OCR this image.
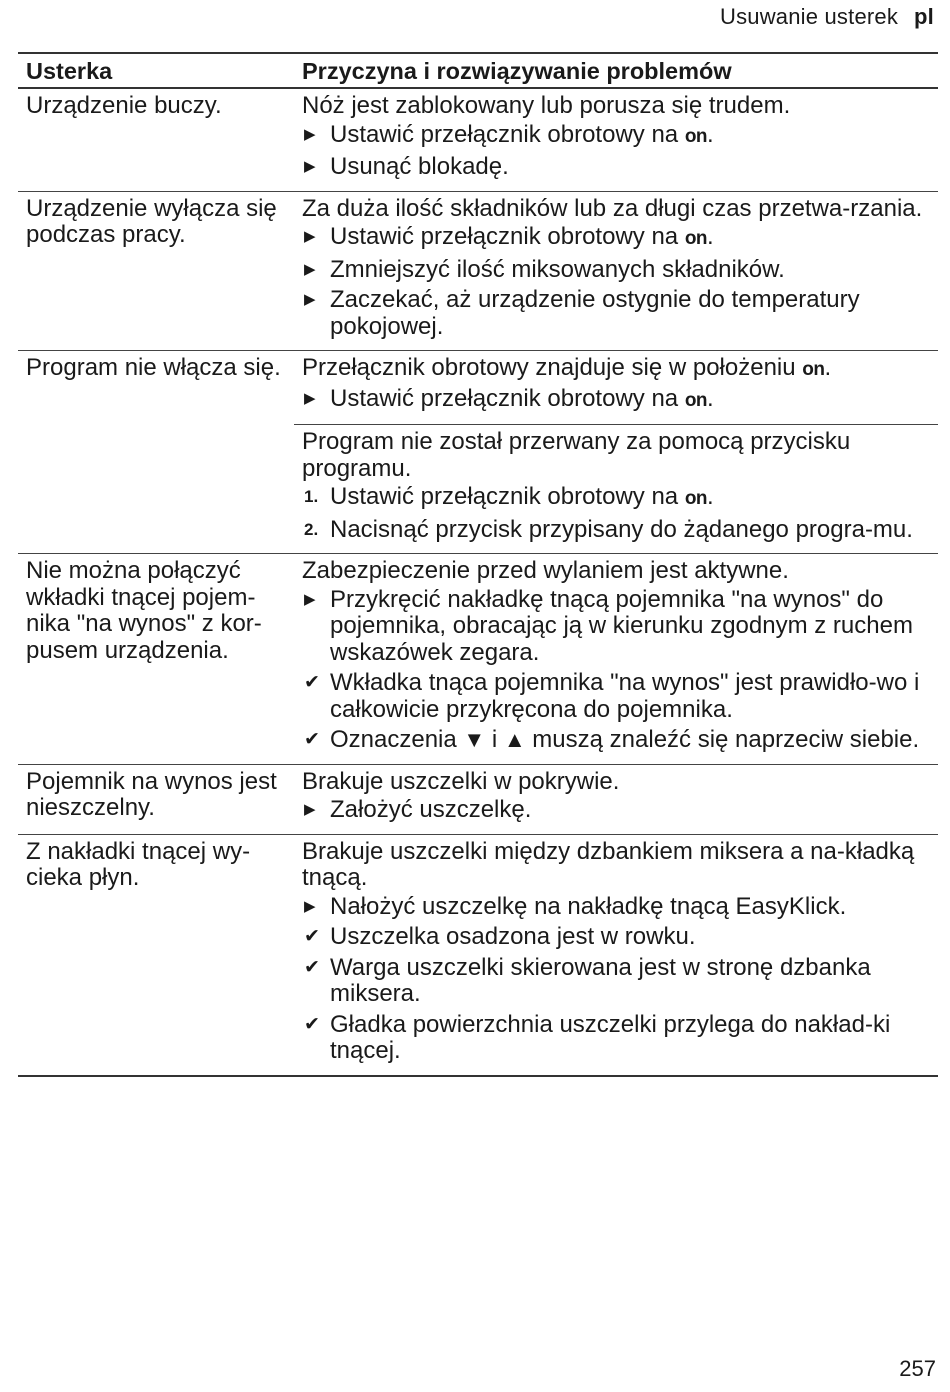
Usuwanie usterek pl
Usterka	Przyczyna i rozwiązywanie problemów
Urządzenie buczy.	Nóż jest zablokowany lub porusza się trudem.
▶ Ustawić przełącznik obrotowy na on.
▶ Usunąć blokadę.
Urządzenie wyłącza się podczas pracy.
Za duża ilość składników lub za długi czas przetwa-rzania.
▶ Ustawić przełącznik obrotowy na on.
▶ Zmniejszyć ilość miksowanych składników.
▶ Zaczekać, aż urządzenie ostygnie do temperatury pokojowej.
Program nie włącza się. Przełącznik obrotowy znajduje się w położeniu on.
▶ Ustawić przełącznik obrotowy na on.
Program nie został przerwany za pomocą przycisku programu.
1. Ustawić przełącznik obrotowy na on.
2. Nacisnąć przycisk przypisany do żądanego progra-mu.
Nie można połączyć wkładki tnącej pojem-nika "na wynos" z kor-pusem urządzenia.
Zabezpieczenie przed wylaniem jest aktywne.
▶ Przykręcić nakładkę tnącą pojemnika "na wynos" do pojemnika, obracając ją w kierunku zgodnym z ruchem wskazówek zegara.
✔ Wkładka tnąca pojemnika "na wynos" jest prawidło-wo i całkowicie przykręcona do pojemnika.
✔ Oznaczenia ▼ i ▲ muszą znaleźć się naprzeciw siebie.
Pojemnik na wynos jest nieszczelny.
Brakuje uszczelki w pokrywie.
▶ Założyć uszczelkę.
Z nakładki tnącej wy-cieka płyn.
Brakuje uszczelki między dzbankiem miksera a na-kładką tnącą.
▶ Nałożyć uszczelkę na nakładkę tnącą EasyKlick.
✔ Uszczelka osadzona jest w rowku.
✔ Warga uszczelki skierowana jest w stronę dzbanka miksera.
✔ Gładka powierzchnia uszczelki przylega do nakład-ki tnącej.
257
